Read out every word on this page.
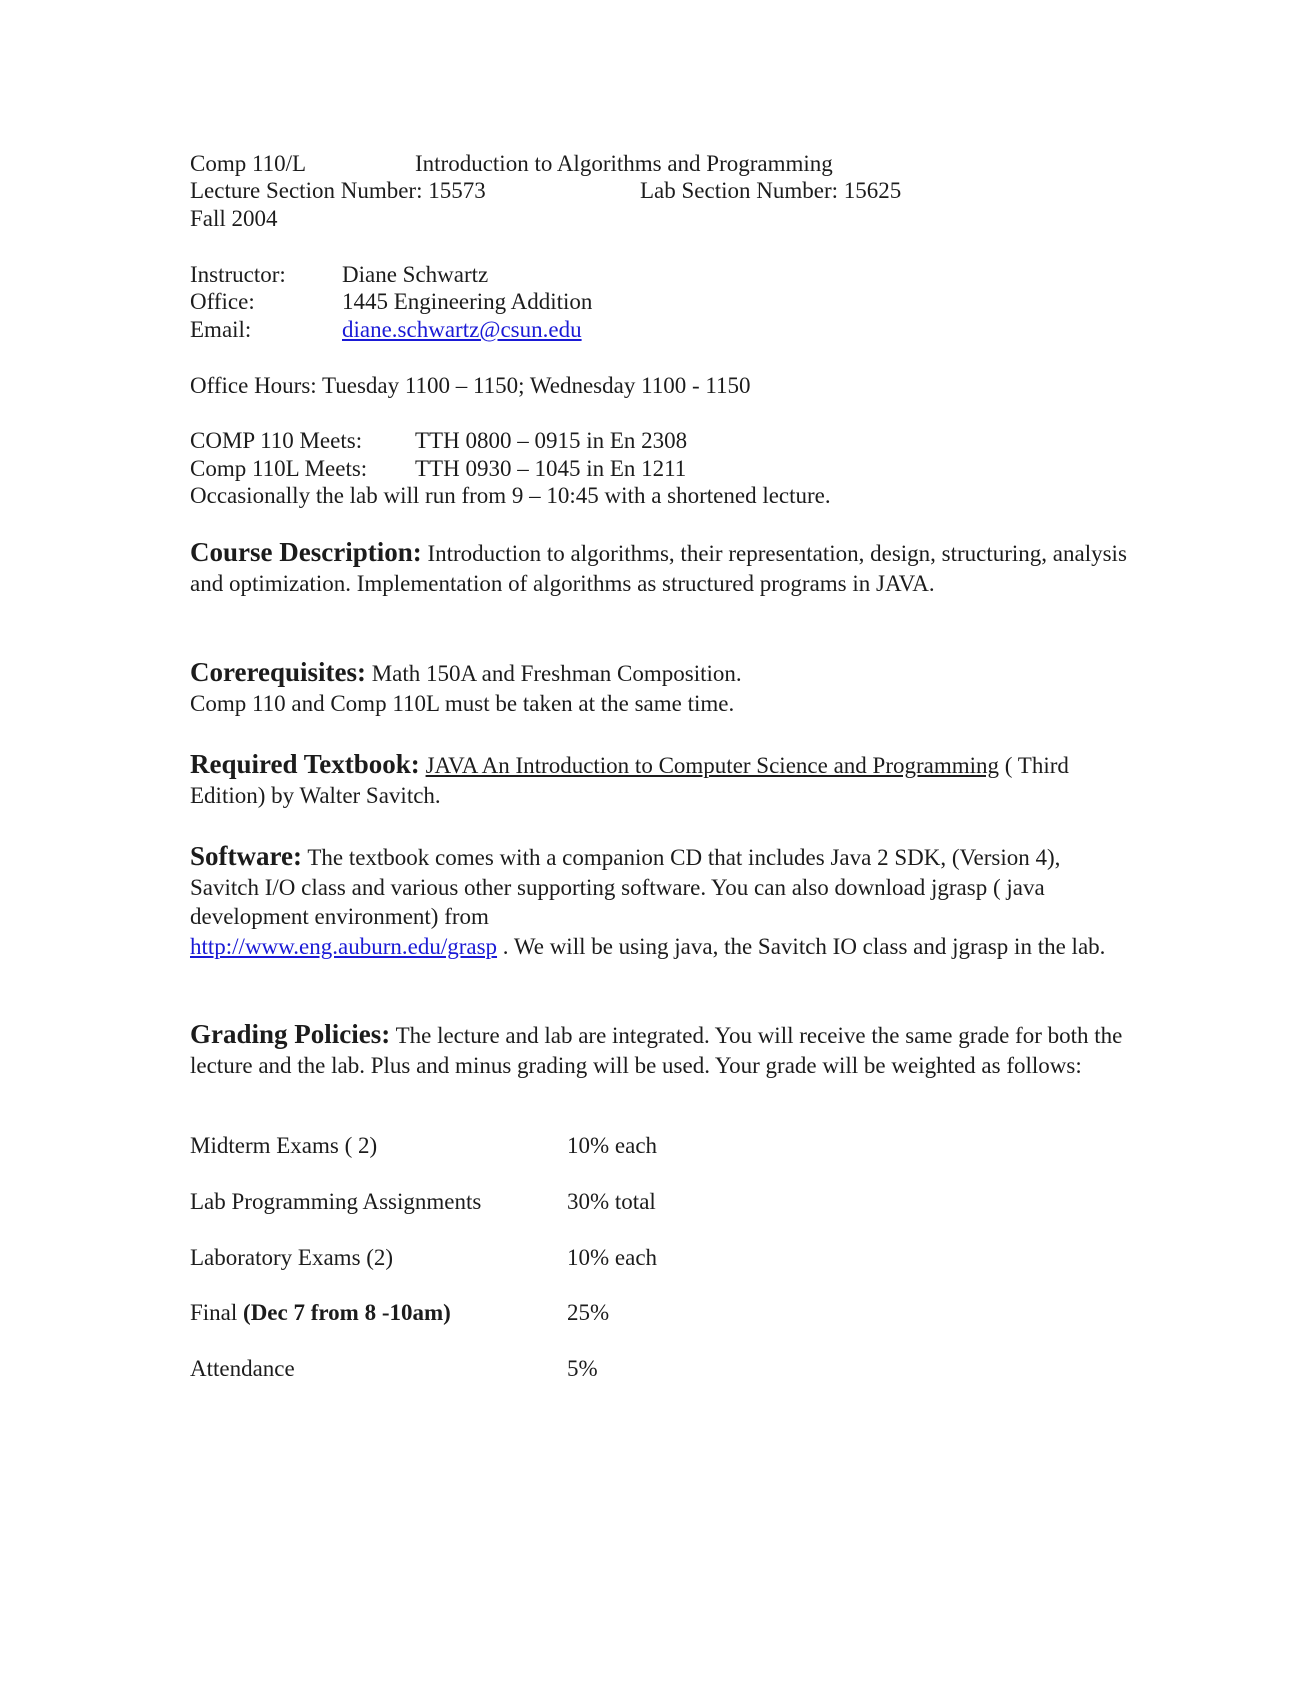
Comp 110/L	Introduction to Algorithms and Programming
Lecture Section Number: 15573	Lab Section Number: 15625
Fall 2004
Instructor: Diane Schwartz
Office:	1445 Engineering Addition
Email:	diane.schwartz@csun.edu
Office Hours: Tuesday 1100 – 1150; Wednesday 1100 - 1150
COMP 110 Meets: TTH 0800 – 0915 in En 2308
Comp 110L Meets: TTH 0930 – 1045 in En 1211
Occasionally the lab will run from 9 – 10:45 with a shortened lecture.
Course Description: Introduction to algorithms, their representation, design, structuring, analysis and optimization. Implementation of algorithms as structured programs in JAVA.
Corerequisites: Math 150A and Freshman Composition.
Comp 110 and Comp 110L must be taken at the same time.
Required Textbook: JAVA An Introduction to Computer Science and Programming ( Third Edition) by Walter Savitch.
Software: The textbook comes with a companion CD that includes Java 2 SDK, (Version 4), Savitch I/O class and various other supporting software. You can also download jgrasp ( java development environment) from
http://www.eng.auburn.edu/grasp . We will be using java, the Savitch IO class and jgrasp in the lab.
Grading Policies: The lecture and lab are integrated. You will receive the same grade for both the lecture and the lab. Plus and minus grading will be used. Your grade will be weighted as follows:
Midterm Exams ( 2)	10% each
Lab Programming Assignments	30% total
Laboratory Exams (2)	10% each
Final (Dec 7 from 8 -10am)	25%
Attendance	5%
